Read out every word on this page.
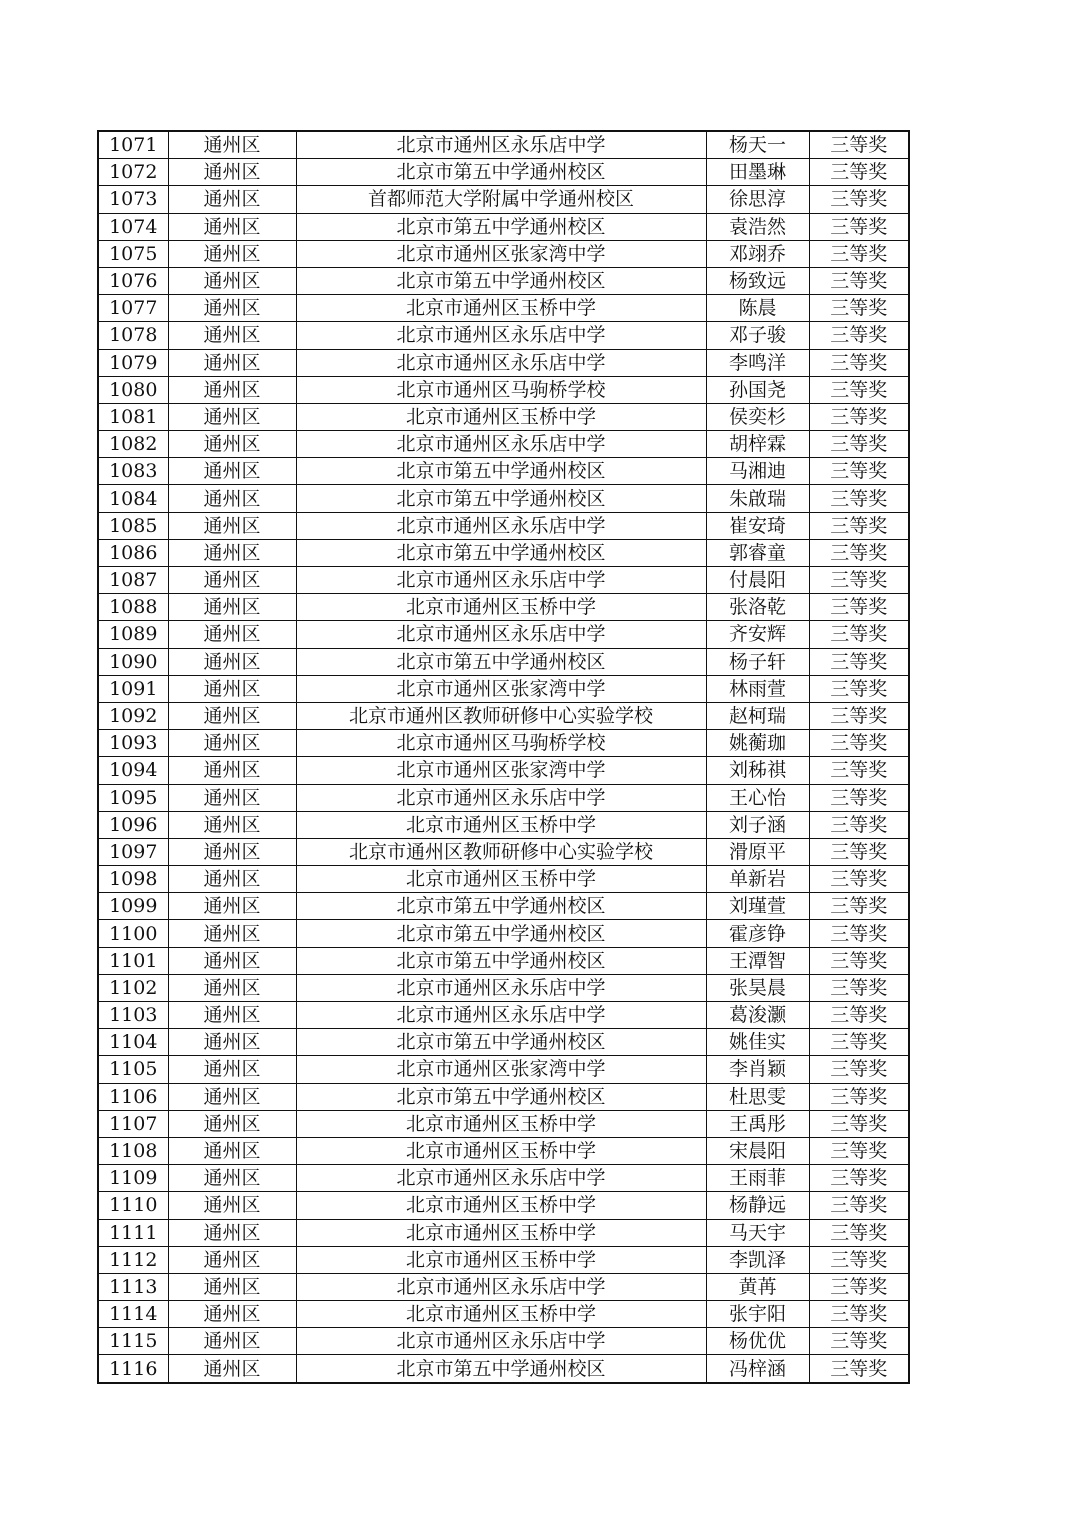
1071	通州区	北京市通州区永乐店中学	杨天一	三等奖
1072	通州区	北京市第五中学通州校区	田墨琳	三等奖
1073	通州区	首都师范大学附属中学通州校区	徐思淳	三等奖
1074	通州区	北京市第五中学通州校区	袁浩然	三等奖
1075	通州区	北京市通州区张家湾中学	邓翊乔	三等奖
1076	通州区	北京市第五中学通州校区	杨致远	三等奖
1077	通州区	北京市通州区玉桥中学	陈晨	三等奖
1078	通州区	北京市通州区永乐店中学	邓子骏	三等奖
1079	通州区	北京市通州区永乐店中学	李鸣洋	三等奖
1080	通州区	北京市通州区马驹桥学校	孙国尧	三等奖
1081	通州区	北京市通州区玉桥中学	侯奕杉	三等奖
1082	通州区	北京市通州区永乐店中学	胡梓霖	三等奖
1083	通州区	北京市第五中学通州校区	马湘迪	三等奖
1084	通州区	北京市第五中学通州校区	朱啟瑞	三等奖
1085	通州区	北京市通州区永乐店中学	崔安琦	三等奖
1086	通州区	北京市第五中学通州校区	郭睿童	三等奖
1087	通州区	北京市通州区永乐店中学	付晨阳	三等奖
1088	通州区	北京市通州区玉桥中学	张洛乾	三等奖
1089	通州区	北京市通州区永乐店中学	齐安辉	三等奖
1090	通州区	北京市第五中学通州校区	杨子轩	三等奖
1091	通州区	北京市通州区张家湾中学	林雨萱	三等奖
1092	通州区	北京市通州区教师研修中心实验学校	赵柯瑞	三等奖
1093	通州区	北京市通州区马驹桥学校	姚蘅珈	三等奖
1094	通州区	北京市通州区张家湾中学	刘秭祺	三等奖
1095	通州区	北京市通州区永乐店中学	王心怡	三等奖
1096	通州区	北京市通州区玉桥中学	刘子涵	三等奖
1097	通州区	北京市通州区教师研修中心实验学校	滑原平	三等奖
1098	通州区	北京市通州区玉桥中学	单新岩	三等奖
1099	通州区	北京市第五中学通州校区	刘瑾萱	三等奖
1100	通州区	北京市第五中学通州校区	霍彦铮	三等奖
1101	通州区	北京市第五中学通州校区	王潭智	三等奖
1102	通州区	北京市通州区永乐店中学	张昊晨	三等奖
1103	通州区	北京市通州区永乐店中学	葛浚灏	三等奖
1104	通州区	北京市第五中学通州校区	姚佳实	三等奖
1105	通州区	北京市通州区张家湾中学	李肖颖	三等奖
1106	通州区	北京市第五中学通州校区	杜思雯	三等奖
1107	通州区	北京市通州区玉桥中学	王禹彤	三等奖
1108	通州区	北京市通州区玉桥中学	宋晨阳	三等奖
1109	通州区	北京市通州区永乐店中学	王雨菲	三等奖
1110	通州区	北京市通州区玉桥中学	杨静远	三等奖
1111	通州区	北京市通州区玉桥中学	马天宇	三等奖
1112	通州区	北京市通州区玉桥中学	李凯泽	三等奖
1113	通州区	北京市通州区永乐店中学	黄苒	三等奖
1114	通州区	北京市通州区玉桥中学	张宇阳	三等奖
1115	通州区	北京市通州区永乐店中学	杨优优	三等奖
1116	通州区	北京市第五中学通州校区	冯梓涵	三等奖
